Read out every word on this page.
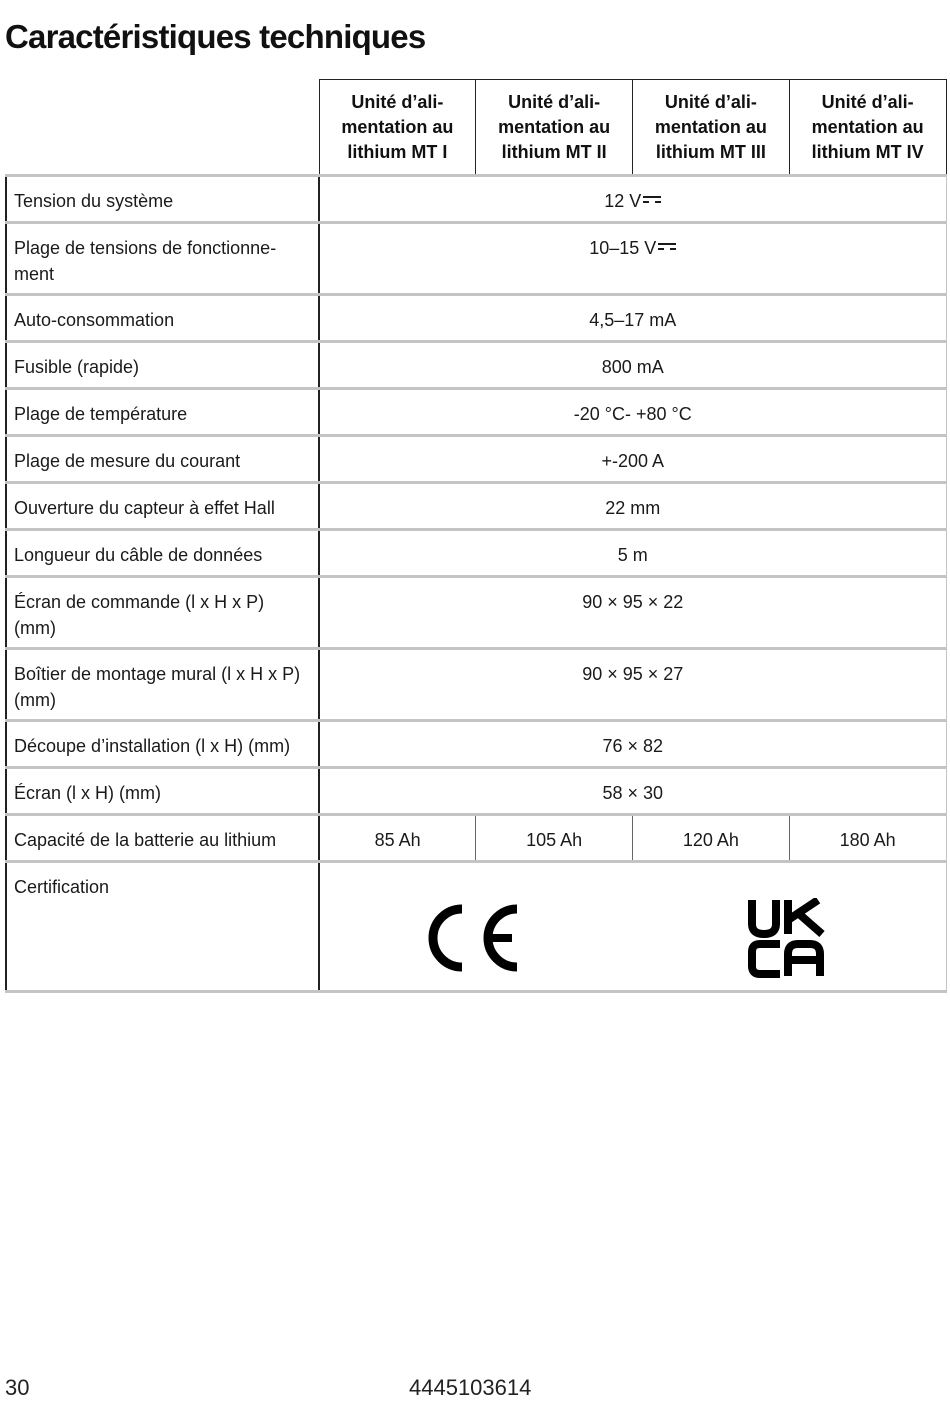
Caractéristiques techniques
	Unité d’ali-
mentation au
lithium MT I	Unité d’ali-
mentation au
lithium MT II	Unité d’ali-
mentation au
lithium MT III	Unité d’ali-
mentation au
lithium MT IV
Tension du système	12 V			
Plage de tensions de fonctionne-
ment	10–15 V			
Auto-consommation	4,5–17 mA			
Fusible (rapide)	800 mA			
Plage de température	-20 °C- +80 °C			
Plage de mesure du courant	+-200 A			
Ouverture du capteur à effet Hall	22 mm			
Longueur du câble de données	5 m			
Écran de commande (l x H x P) (mm)	90 × 95 × 22			
Boîtier de montage mural (l x H x P)
(mm)	90 × 95 × 27			
Découpe d’installation (l x H) (mm)	76 × 82			
Écran (l x H) (mm)	58 × 30			
Capacité de la batterie au lithium	85 Ah	105 Ah	120 Ah	180 Ah
Certification	
30	4445103614
